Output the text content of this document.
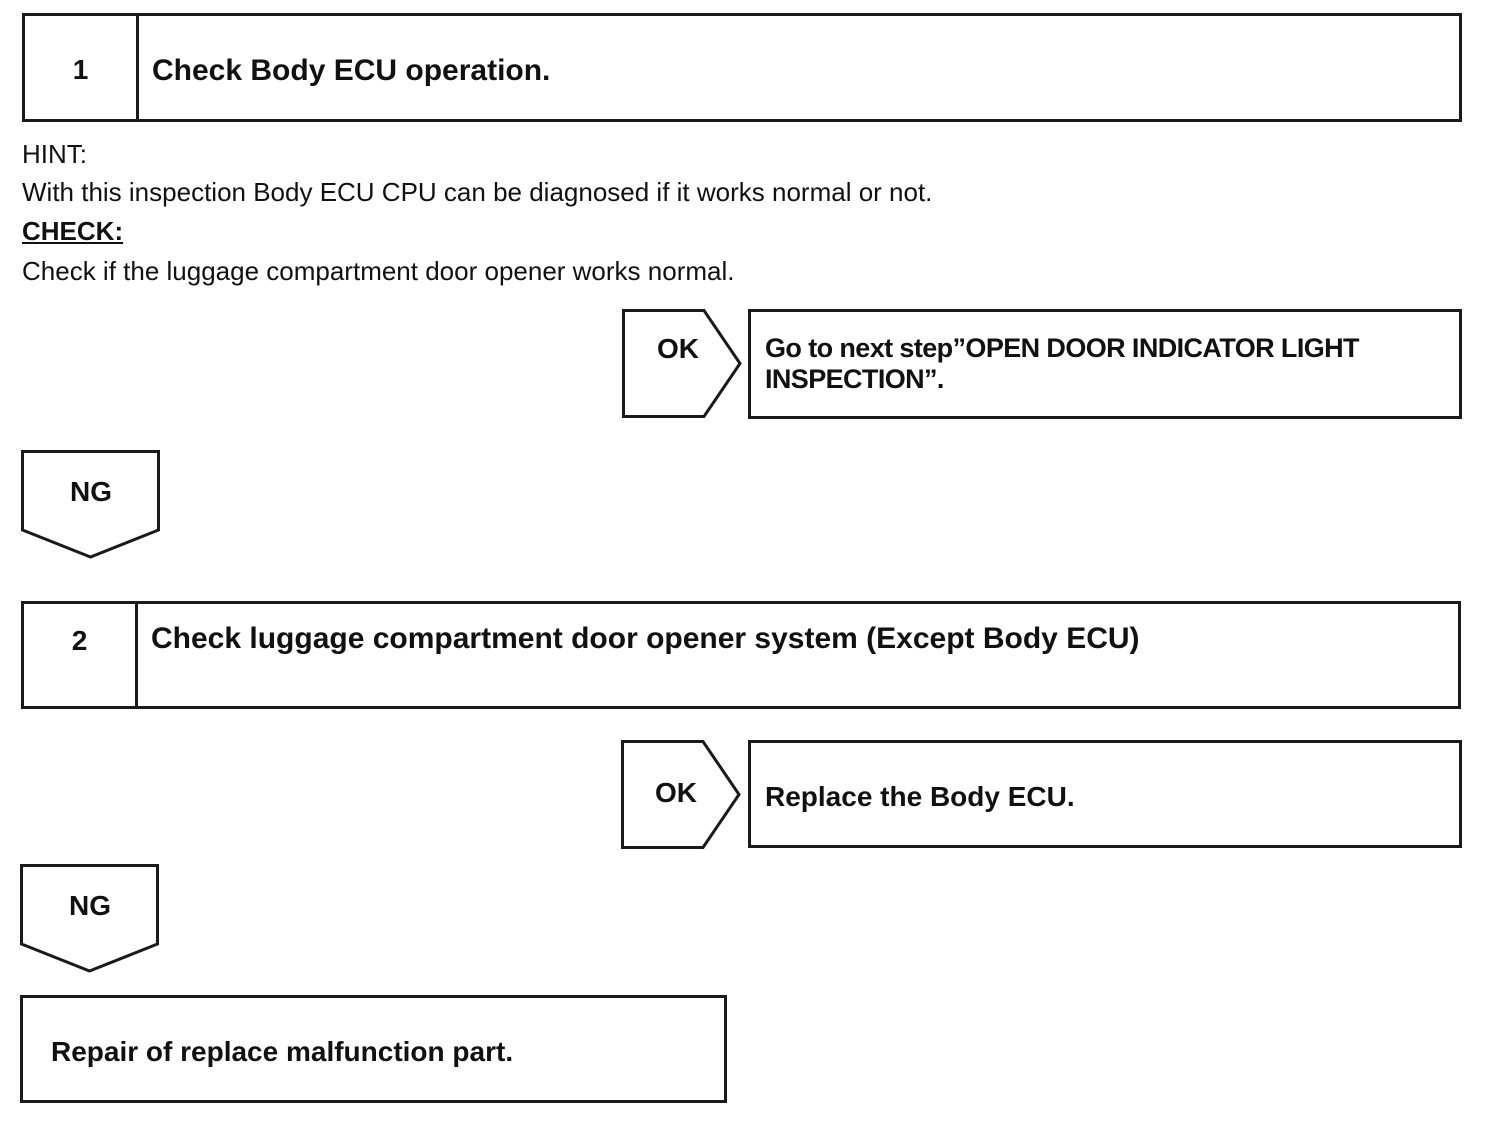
1	Check Body ECU operation.
HINT:
With this inspection Body ECU CPU can be diagnosed if it works normal or not.
CHECK:
Check if the luggage compartment door opener works normal.
OK	Go to next step”OPEN DOOR INDICATOR LIGHT
INSPECTION”.
NG
2	Check luggage compartment door opener system (Except Body ECU)
OK	Replace the Body ECU.
NG
Repair of replace malfunction part.
